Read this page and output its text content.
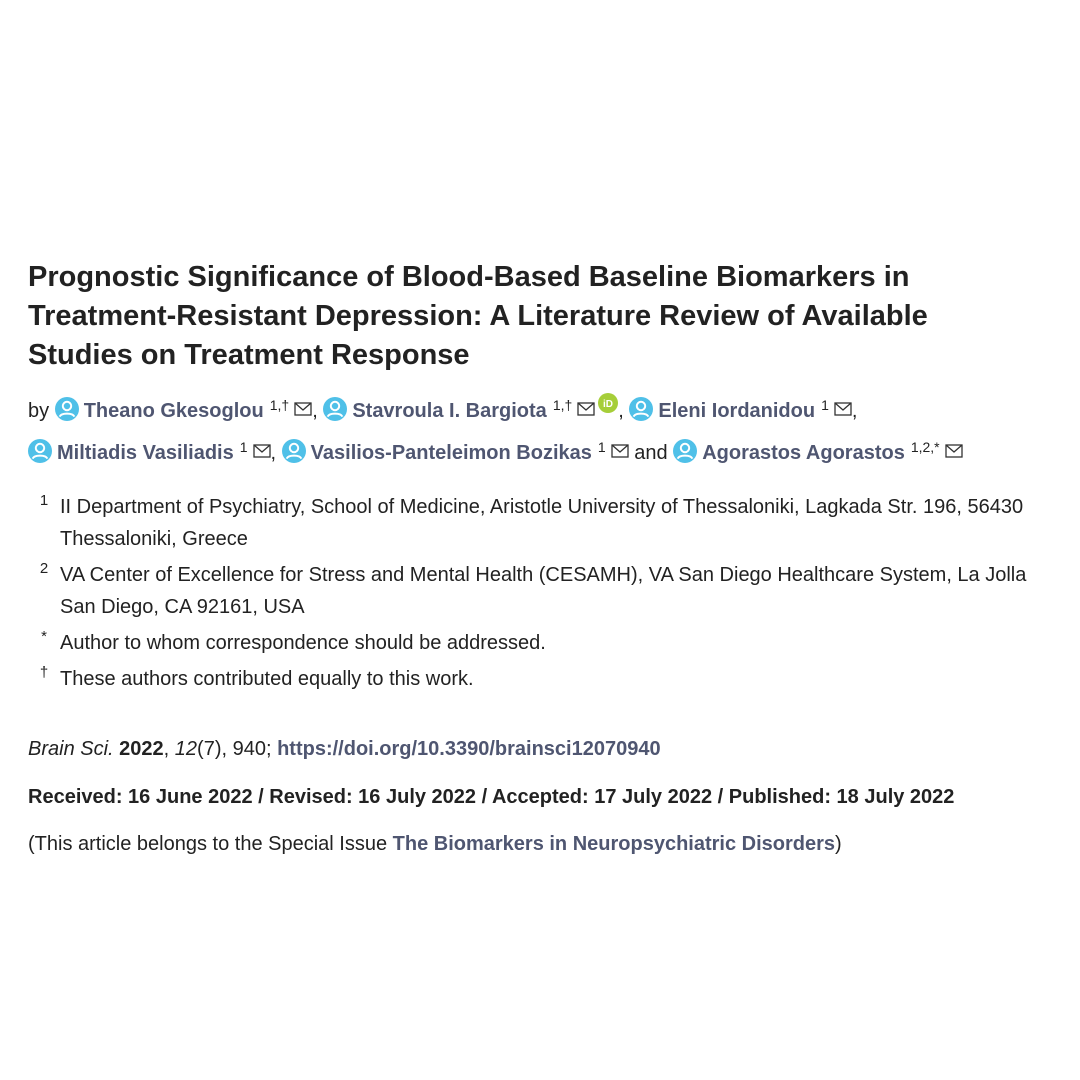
Prognostic Significance of Blood-Based Baseline Biomarkers in
Treatment-Resistant Depression: A Literature Review of Available
Studies on Treatment Response
by Theano Gkesoglou $^{1,\dagger}$ , Stavroula I. Bargiota $^{1,\dagger}$	iD , Eleni Iordanidou $^1$ ,
Miltiadis Vasiliadis $^1$ , Vasilios-Panteleimon Bozikas $^1$ and Agorastos Agorastos $^{1,2,*}$
1 II Department of Psychiatry, School of Medicine, Aristotle University of Thessaloniki, Lagkada Str. 196, 56430
Thessaloniki, Greece
2 VA Center of Excellence for Stress and Mental Health (CESAMH), VA San Diego Healthcare System, La Jolla
San Diego, CA 92161, USA
* Author to whom correspondence should be addressed.
† These authors contributed equally to this work.
Brain Sci. 2022, 12(7), 940; https://doi.org/10.3390/brainsci12070940
Received: 16 June 2022 / Revised: 16 July 2022 / Accepted: 17 July 2022 / Published: 18 July 2022
(This article belongs to the Special Issue The Biomarkers in Neuropsychiatric Disorders)
